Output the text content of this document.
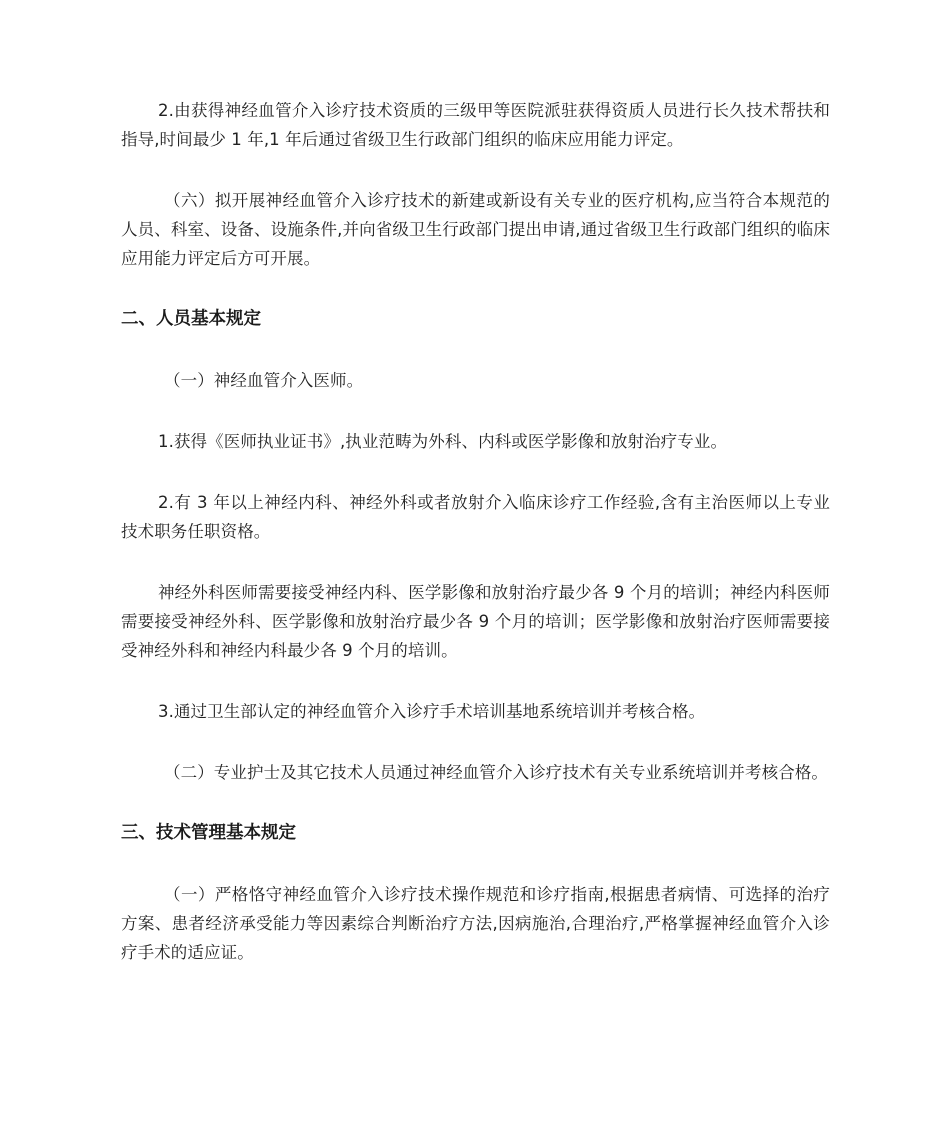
2.由获得神经血管介入诊疗技术资质的三级甲等医院派驻获得资质人员进行长久技术帮扶和指导,时间最少 1 年,1 年后通过省级卫生行政部门组织的临床应用能力评定。

（六）拟开展神经血管介入诊疗技术的新建或新设有关专业的医疗机构,应当符合本规范的人员、科室、设备、设施条件,并向省级卫生行政部门提出申请,通过省级卫生行政部门组织的临床应用能力评定后方可开展。

二、人员基本规定

（一）神经血管介入医师。

1.获得《医师执业证书》,执业范畴为外科、内科或医学影像和放射治疗专业。

2.有 3 年以上神经内科、神经外科或者放射介入临床诊疗工作经验,含有主治医师以上专业技术职务任职资格。

神经外科医师需要接受神经内科、医学影像和放射治疗最少各 9 个月的培训；神经内科医师需要接受神经外科、医学影像和放射治疗最少各 9 个月的培训；医学影像和放射治疗医师需要接受神经外科和神经内科最少各 9 个月的培训。

3.通过卫生部认定的神经血管介入诊疗手术培训基地系统培训并考核合格。

（二）专业护士及其它技术人员通过神经血管介入诊疗技术有关专业系统培训并考核合格。

三、技术管理基本规定

（一）严格恪守神经血管介入诊疗技术操作规范和诊疗指南,根据患者病情、可选择的治疗方案、患者经济承受能力等因素综合判断治疗方法,因病施治,合理治疗,严格掌握神经血管介入诊疗手术的适应证。
